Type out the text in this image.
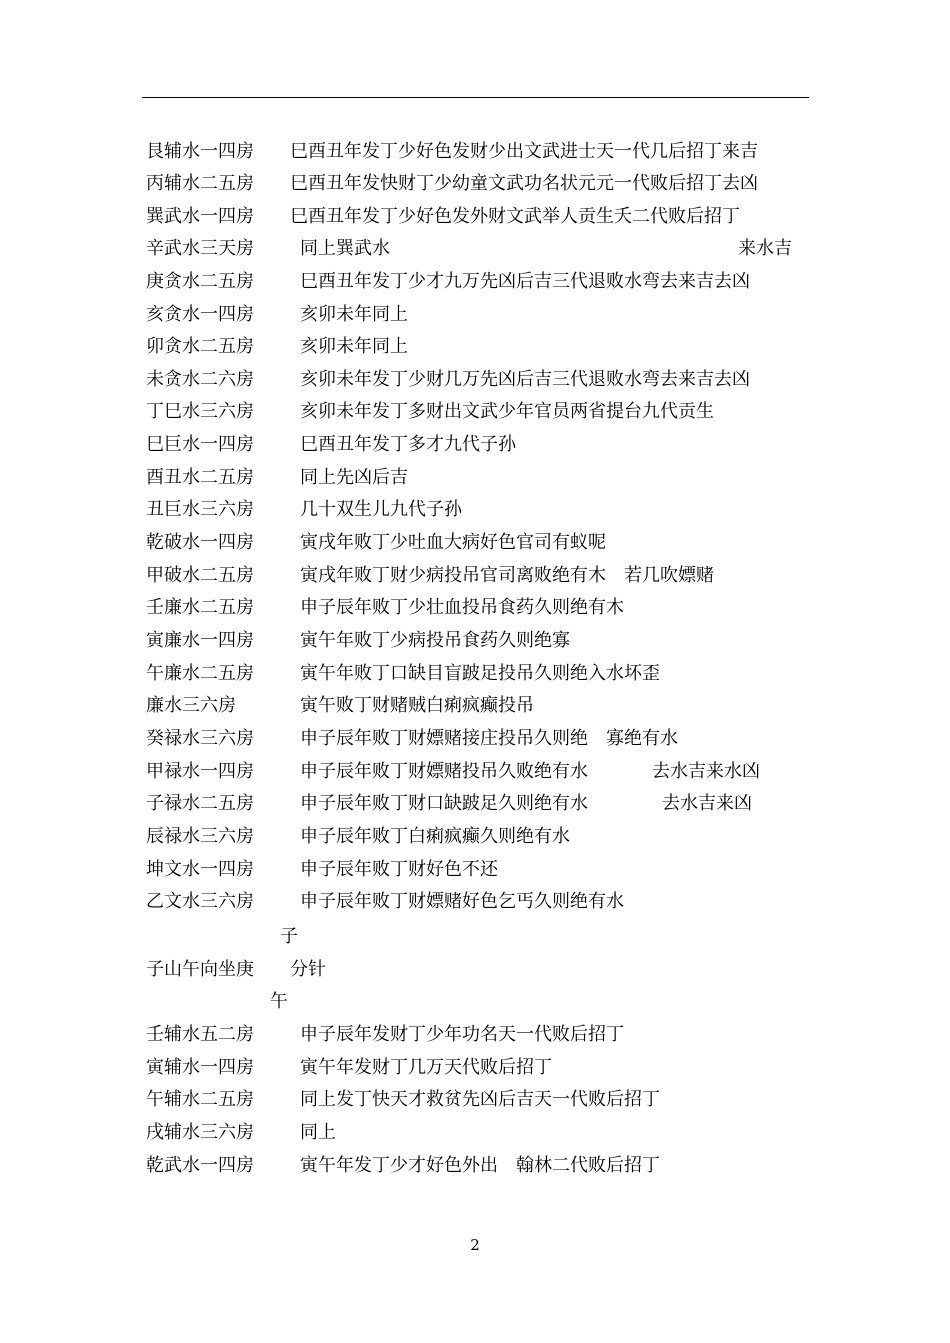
艮辅水一四房 巳酉丑年发丁少好色发财少出文武进士天一代几后招丁来吉
丙辅水二五房 巳酉丑年发快财丁少幼童文武功名状元元一代败后招丁去凶
巽武水一四房 巳酉丑年发丁少好色发外财文武举人贡生夭二代败后招丁
辛武水三天房	同上巽武水	来水吉
庚贪水二五房	巳酉丑年发丁少才九万先凶后吉三代退败水弯去来吉去凶
亥贪水一四房	亥卯未年同上
卯贪水二五房	亥卯未年同上
未贪水二六房	亥卯未年发丁少财几万先凶后吉三代退败水弯去来吉去凶
丁巳水三六房	亥卯未年发丁多财出文武少年官员两省提台九代贡生
巳巨水一四房	巳酉丑年发丁多才九代子孙
酉丑水二五房	同上先凶后吉
丑巨水三六房	几十双生儿九代子孙
乾破水一四房	寅戌年败丁少吐血大病好色官司有蚁呢
甲破水二五房	寅戌年败丁财少病投吊官司离败绝有木　若几吹嫖赌
壬廉水二五房	申子辰年败丁少壮血投吊食药久则绝有木
寅廉水一四房	寅午年败丁少病投吊食药久则绝寡
午廉水二五房	寅午年败丁口缺目盲跛足投吊久则绝入水坏歪
廉水三六房	寅午败丁财赌贼白痢疯癫投吊
癸禄水三六房	申子辰年败丁财嫖赌接庄投吊久则绝　寡绝有水
甲禄水一四房	申子辰年败丁财嫖赌投吊久败绝有水	去水吉来水凶
子禄水二五房	申子辰年败丁财口缺跛足久则绝有水	去水吉来凶
辰禄水三六房	申子辰年败丁白痢疯癫久则绝有水
坤文水一四房	申子辰年败丁财好色不还
乙文水三六房	申子辰年败丁财嫖赌好色乞丐久则绝有水
子
子山午向坐庚 分针
午
壬辅水五二房	申子辰年发财丁少年功名天一代败后招丁
寅辅水一四房	寅午年发财丁几万天代败后招丁
午辅水二五房	同上发丁快天才救贫先凶后吉天一代败后招丁
戌辅水三六房	同上
乾武水一四房	寅午年发丁少才好色外出　翰林二代败后招丁
2
